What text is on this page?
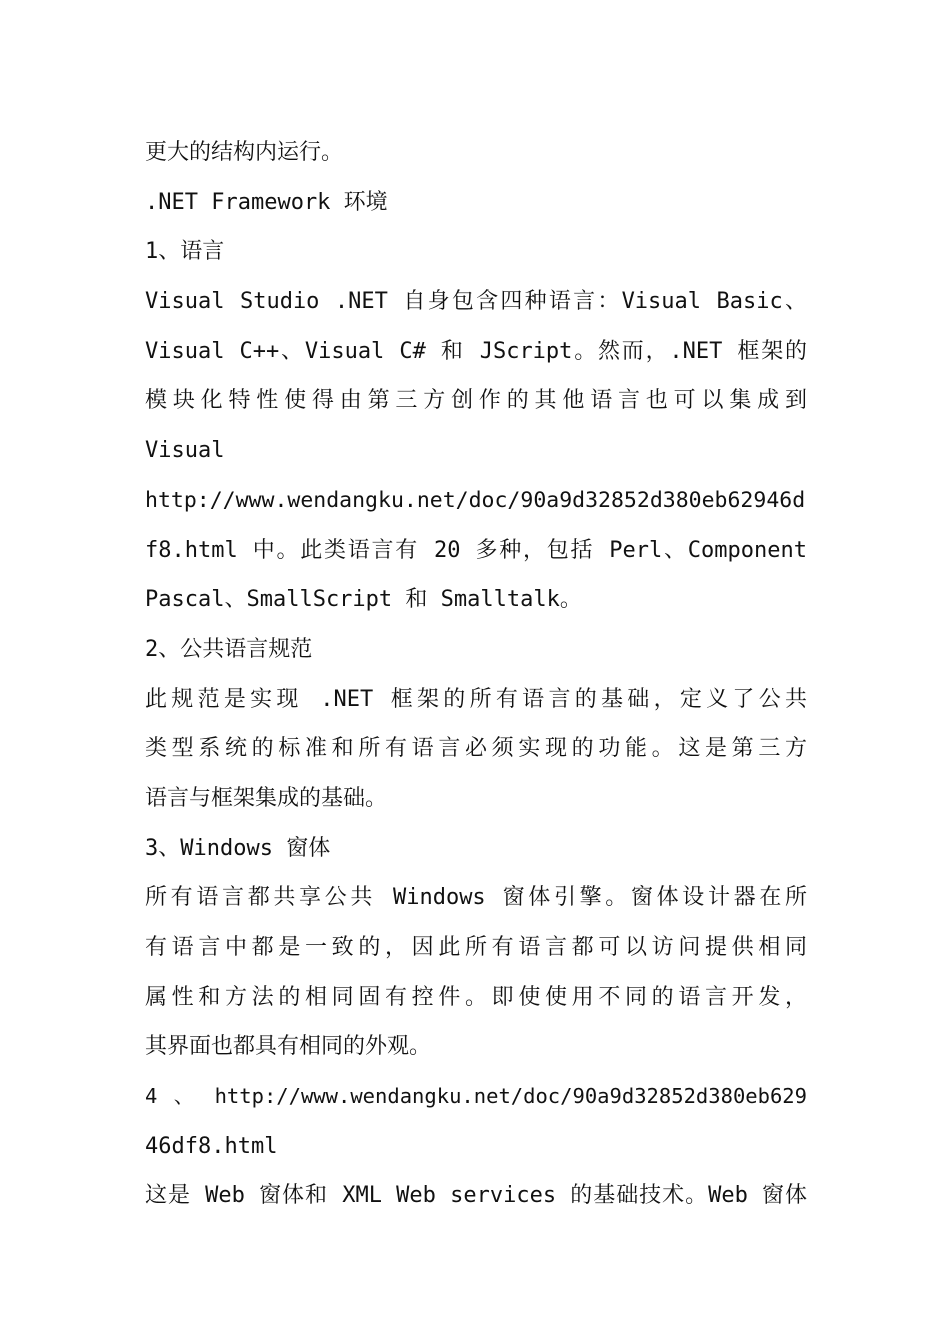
更大的结构内运行。
.NET Framework 环境
1、语言
Visual Studio .NET 自身包含四种语言：Visual Basic、
Visual C++、Visual C# 和 JScript。然而，.NET 框架的
模块化特性使得由第三方创作的其他语言也可以集成到
Visual
http://www.wendangku.net/doc/90a9d32852d380eb62946d
f8.html 中。此类语言有 20 多种，包括 Perl、Component
Pascal、SmallScript 和 Smalltalk。
2、公共语言规范
此规范是实现 .NET 框架的所有语言的基础，定义了公共
类型系统的标准和所有语言必须实现的功能。这是第三方
语言与框架集成的基础。
3、Windows 窗体
所有语言都共享公共 Windows 窗体引擎。窗体设计器在所
有语言中都是一致的，因此所有语言都可以访问提供相同
属性和方法的相同固有控件。即使使用不同的语言开发，
其界面也都具有相同的外观。
4 、 http://www.wendangku.net/doc/90a9d32852d380eb629
46df8.html
这是 Web 窗体和 XML Web services 的基础技术。Web 窗体
